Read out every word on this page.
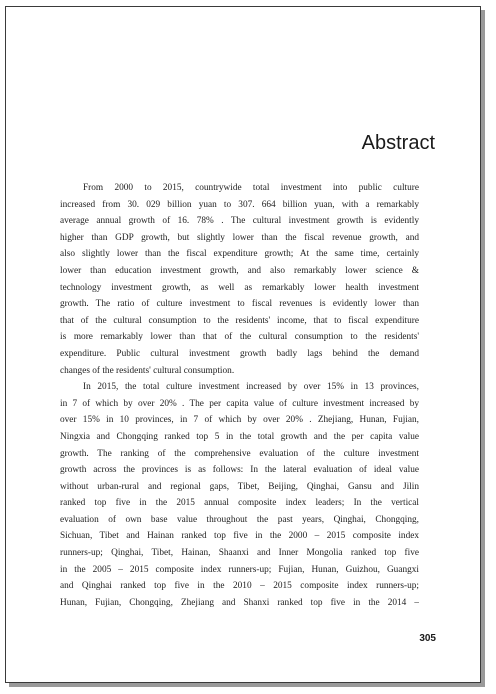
Abstract
From 2000 to 2015, countrywide total investment into public culture
increased from 30. 029 billion yuan to 307. 664 billion yuan, with a remarkably
average annual growth of 16. 78% . The cultural investment growth is evidently
higher than GDP growth, but slightly lower than the fiscal revenue growth, and
also slightly lower than the fiscal expenditure growth; At the same time, certainly
lower than education investment growth, and also remarkably lower science &
technology investment growth, as well as remarkably lower health investment
growth. The ratio of culture investment to fiscal revenues is evidently lower than
that of the cultural consumption to the residents' income, that to fiscal expenditure
is more remarkably lower than that of the cultural consumption to the residents'
expenditure. Public cultural investment growth badly lags behind the demand
changes of the residents' cultural consumption.
In 2015, the total culture investment increased by over 15% in 13 provinces,
in 7 of which by over 20% . The per capita value of culture investment increased by
over 15% in 10 provinces, in 7 of which by over 20% . Zhejiang, Hunan, Fujian,
Ningxia and Chongqing ranked top 5 in the total growth and the per capita value
growth. The ranking of the comprehensive evaluation of the culture investment
growth across the provinces is as follows: In the lateral evaluation of ideal value
without urban-rural and regional gaps, Tibet, Beijing, Qinghai, Gansu and Jilin
ranked top five in the 2015 annual composite index leaders; In the vertical
evaluation of own base value throughout the past years, Qinghai, Chongqing,
Sichuan, Tibet and Hainan ranked top five in the 2000 – 2015 composite index
runners-up; Qinghai, Tibet, Hainan, Shaanxi and Inner Mongolia ranked top five
in the 2005 – 2015 composite index runners-up; Fujian, Hunan, Guizhou, Guangxi
and Qinghai ranked top five in the 2010 – 2015 composite index runners-up;
Hunan, Fujian, Chongqing, Zhejiang and Shanxi ranked top five in the 2014 –
305
